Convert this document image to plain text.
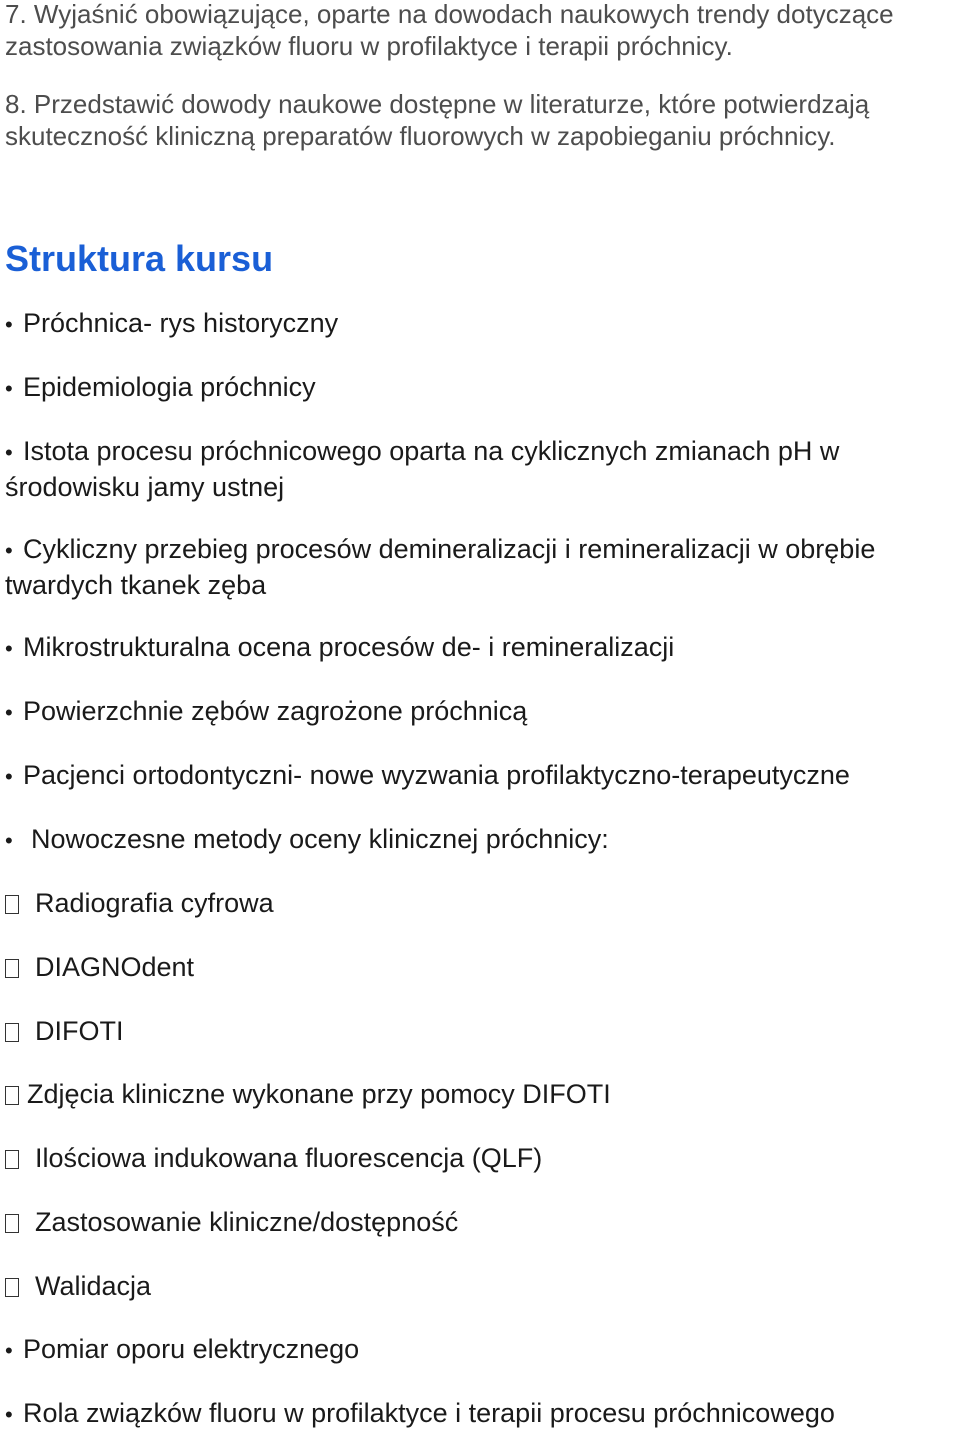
7. Wyjaśnić obowiązujące, oparte na dowodach naukowych trendy dotyczące zastosowania związków fluoru w profilaktyce i terapii próchnicy.
8. Przedstawić dowody naukowe dostępne w literaturze, które potwierdzają skuteczność kliniczną preparatów fluorowych w zapobieganiu próchnicy.
Struktura kursu
• Próchnica- rys historyczny
• Epidemiologia próchnicy
• Istota procesu próchnicowego oparta na cyklicznych zmianach pH w środowisku jamy ustnej
• Cykliczny przebieg procesów demineralizacji i remineralizacji w obrębie twardych tkanek zęba
• Mikrostrukturalna ocena procesów de- i remineralizacji
• Powierzchnie zębów zagrożone próchnicą
• Pacjenci ortodontyczni- nowe wyzwania profilaktyczno-terapeutyczne
• Nowoczesne metody oceny klinicznej próchnicy:
Radiografia cyfrowa
DIAGNOdent
DIFOTI
Zdjęcia kliniczne wykonane przy pomocy DIFOTI
Ilościowa indukowana fluorescencja (QLF)
Zastosowanie kliniczne/dostępność
Walidacja
• Pomiar oporu elektrycznego
• Rola związków fluoru w profilaktyce i terapii procesu próchnicowego
